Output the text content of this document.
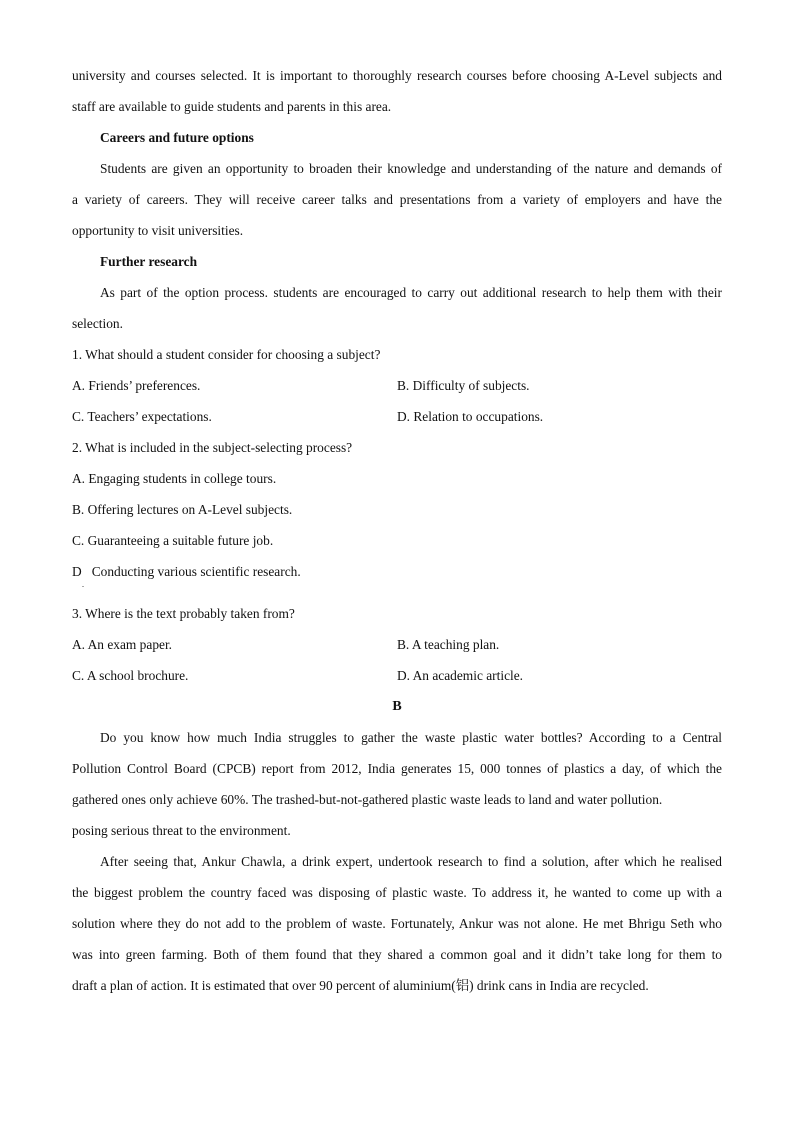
university and courses selected. It is important to thoroughly research courses before choosing A-Level subjects and
staff are available to guide students and parents in this area.
Careers and future options
Students are given an opportunity to broaden their knowledge and understanding of the nature and demands of
a variety of careers. They will receive career talks and presentations from a variety of employers and have the
opportunity to visit universities.
Further research
As part of the option process. students are encouraged to carry out additional research to help them with their
selection.
1. What should a student consider for choosing a subject?
A. Friends’ preferences.	B. Difficulty of subjects.
C. Teachers’ expectations.	D. Relation to occupations.
2. What is included in the subject-selecting process?
A. Engaging students in college tours.
B. Offering lectures on A-Level subjects.
C. Guaranteeing a suitable future job.
D   Conducting various scientific research.
.
3. Where is the text probably taken from?
A. An exam paper.	B. A teaching plan.
C. A school brochure.	D. An academic article.
B
Do you know how much India struggles to gather the waste plastic water bottles? According to a Central
Pollution Control Board (CPCB) report from 2012, India generates 15, 000 tonnes of plastics a day, of which the
gathered ones only achieve 60%. The trashed-but-not-gathered plastic waste leads to land and water pollution.
posing serious threat to the environment.
After seeing that, Ankur Chawla, a drink expert, undertook research to find a solution, after which he realised
the biggest problem the country faced was disposing of plastic waste. To address it, he wanted to come up with a
solution where they do not add to the problem of waste. Fortunately, Ankur was not alone. He met Bhrigu Seth who
was into green farming. Both of them found that they shared a common goal and it didn’t take long for them to
draft a plan of action. It is estimated that over 90 percent of aluminium(铝) drink cans in India are recycled.
